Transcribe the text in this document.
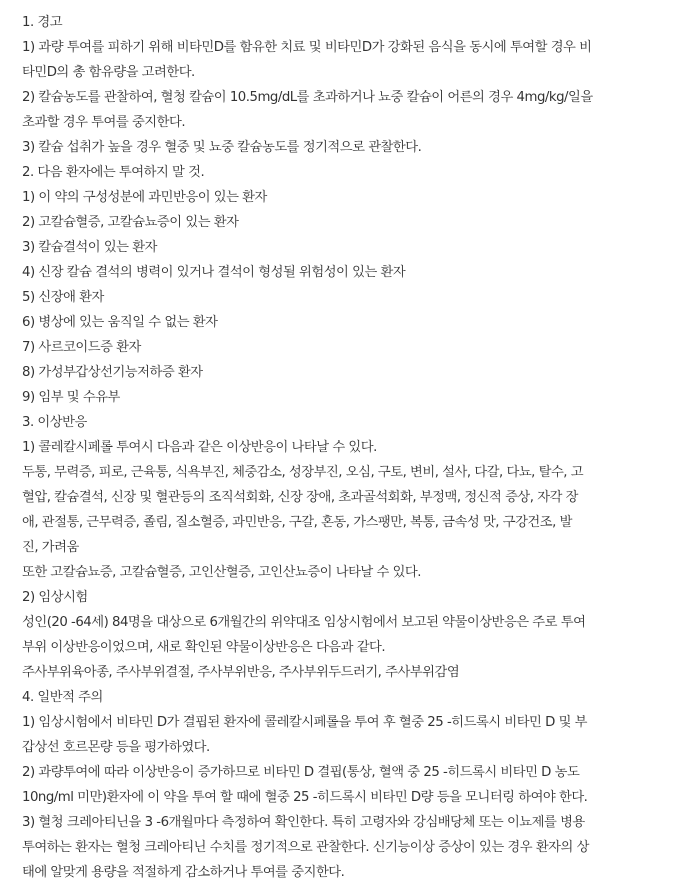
1. 경고
1) 과량 투여를 피하기 위해 비타민D를 함유한 치료 및 비타민D가 강화된 음식을 동시에 투여할 경우 비
타민D의 총 함유량을 고려한다.
2) 칼슘농도를 관찰하여, 혈청 칼슘이 10.5mg/dL를 초과하거나 뇨중 칼슘이 어른의 경우 4mg/kg/일을
초과할 경우 투여를 중지한다.
3) 칼슘 섭취가 높을 경우 혈중 및 뇨중 칼슘농도를 정기적으로 관찰한다.
2. 다음 환자에는 투여하지 말 것.
1) 이 약의 구성성분에 과민반응이 있는 환자
2) 고칼슘혈증, 고칼슘뇨증이 있는 환자
3) 칼슘결석이 있는 환자
4) 신장 칼슘 결석의 병력이 있거나 결석이 형성될 위험성이 있는 환자
5) 신장애 환자
6) 병상에 있는 움직일 수 없는 환자
7) 사르코이드증 환자
8) 가성부갑상선기능저하증 환자
9) 임부 및 수유부
3. 이상반응
1) 콜레칼시페롤 투여시 다음과 같은 이상반응이 나타날 수 있다.
두통, 무력증, 피로, 근육통, 식욕부진, 체중감소, 성장부진, 오심, 구토, 변비, 설사, 다갈, 다뇨, 탈수, 고
혈압, 칼슘결석, 신장 및 혈관등의 조직석회화, 신장 장애, 초과골석회화, 부정맥, 정신적 증상, 자각 장
애, 관절통, 근무력증, 졸림, 질소혈증, 과민반응, 구갈, 혼동, 가스팽만, 복통, 금속성 맛, 구강건조, 발
진, 가려움
또한 고칼슘뇨증, 고칼슘혈증, 고인산혈증, 고인산뇨증이 나타날 수 있다.
2) 임상시험
성인(20 -64세) 84명을 대상으로 6개월간의 위약대조 임상시험에서 보고된 약물이상반응은 주로 투여
부위 이상반응이었으며, 새로 확인된 약물이상반응은 다음과 같다.
주사부위육아종, 주사부위결절, 주사부위반응, 주사부위두드러기, 주사부위감염
4. 일반적 주의
1) 임상시험에서 비타민 D가 결핍된 환자에 콜레칼시페롤을 투여 후 혈중 25 -히드록시 비타민 D 및 부
갑상선 호르몬량 등을 평가하였다.
2) 과량투여에 따라 이상반응이 증가하므로 비타민 D 결핍(통상, 혈액 중 25 -히드록시 비타민 D 농도
10ng/ml 미만)환자에 이 약을 투여 할 때에 혈중 25 -히드록시 비타민 D량 등을 모니터링 하여야 한다.
3) 혈청 크레아티닌을 3 -6개월마다 측정하여 확인한다. 특히 고령자와 강심배당체 또는 이뇨제를 병용
투여하는 환자는 혈청 크레아티닌 수치를 정기적으로 관찰한다. 신기능이상 증상이 있는 경우 환자의 상
태에 알맞게 용량을 적절하게 감소하거나 투여를 중지한다.
